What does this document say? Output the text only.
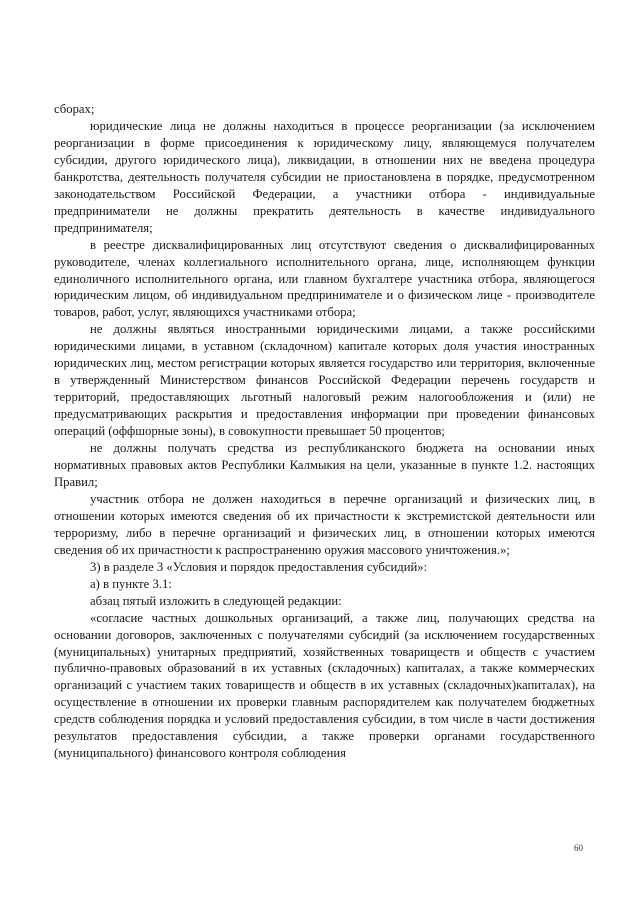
сборах;

юридические лица не должны находиться в процессе реорганизации (за исключением реорганизации в форме присоединения к юридическому лицу, являющемуся получателем субсидии, другого юридического лица), ликвидации, в отношении них не введена процедура банкротства, деятельность получателя субсидии не приостановлена в порядке, предусмотренном законодательством Российской Федерации, а участники отбора - индивидуальные предприниматели не должны прекратить деятельность в качестве индивидуального предпринимателя;

в реестре дисквалифицированных лиц отсутствуют сведения о дисквалифицированных руководителе, членах коллегиального исполнительного органа, лице, исполняющем функции единоличного исполнительного органа, или главном бухгалтере участника отбора, являющегося юридическим лицом, об индивидуальном предпринимателе и о физическом лице - производителе товаров, работ, услуг, являющихся участниками отбора;

не должны являться иностранными юридическими лицами, а также российскими юридическими лицами, в уставном (складочном) капитале которых доля участия иностранных юридических лиц, местом регистрации которых является государство или территория, включенные в утвержденный Министерством финансов Российской Федерации перечень государств и территорий, предоставляющих льготный налоговый режим налогообложения и (или) не предусматривающих раскрытия и предоставления информации при проведении финансовых операций (оффшорные зоны), в совокупности превышает 50 процентов;

не должны получать средства из республиканского бюджета на основании иных нормативных правовых актов Республики Калмыкия на цели, указанные в пункте 1.2. настоящих Правил;

участник отбора не должен находиться в перечне организаций и физических лиц, в отношении которых имеются сведения об их причастности к экстремистской деятельности или терроризму, либо в перечне организаций и физических лиц, в отношении которых имеются сведения об их причастности к распространению оружия массового уничтожения.»;

3) в разделе 3 «Условия и порядок предоставления субсидий»:

а) в пункте 3.1:

абзац пятый изложить в следующей редакции:

«согласие частных дошкольных организаций, а также лиц, получающих средства на основании договоров, заключенных с получателями субсидий (за исключением государственных (муниципальных) унитарных предприятий, хозяйственных товариществ и обществ с участием публично-правовых образований в их уставных (складочных) капиталах, а также коммерческих организаций с участием таких товариществ и обществ в их уставных (складочных)капиталах), на осуществление в отношении их проверки главным распорядителем как получателем бюджетных средств соблюдения порядка и условий предоставления субсидии, в том числе в части достижения результатов предоставления субсидии, а также проверки органами государственного (муниципального) финансового контроля соблюдения

60
